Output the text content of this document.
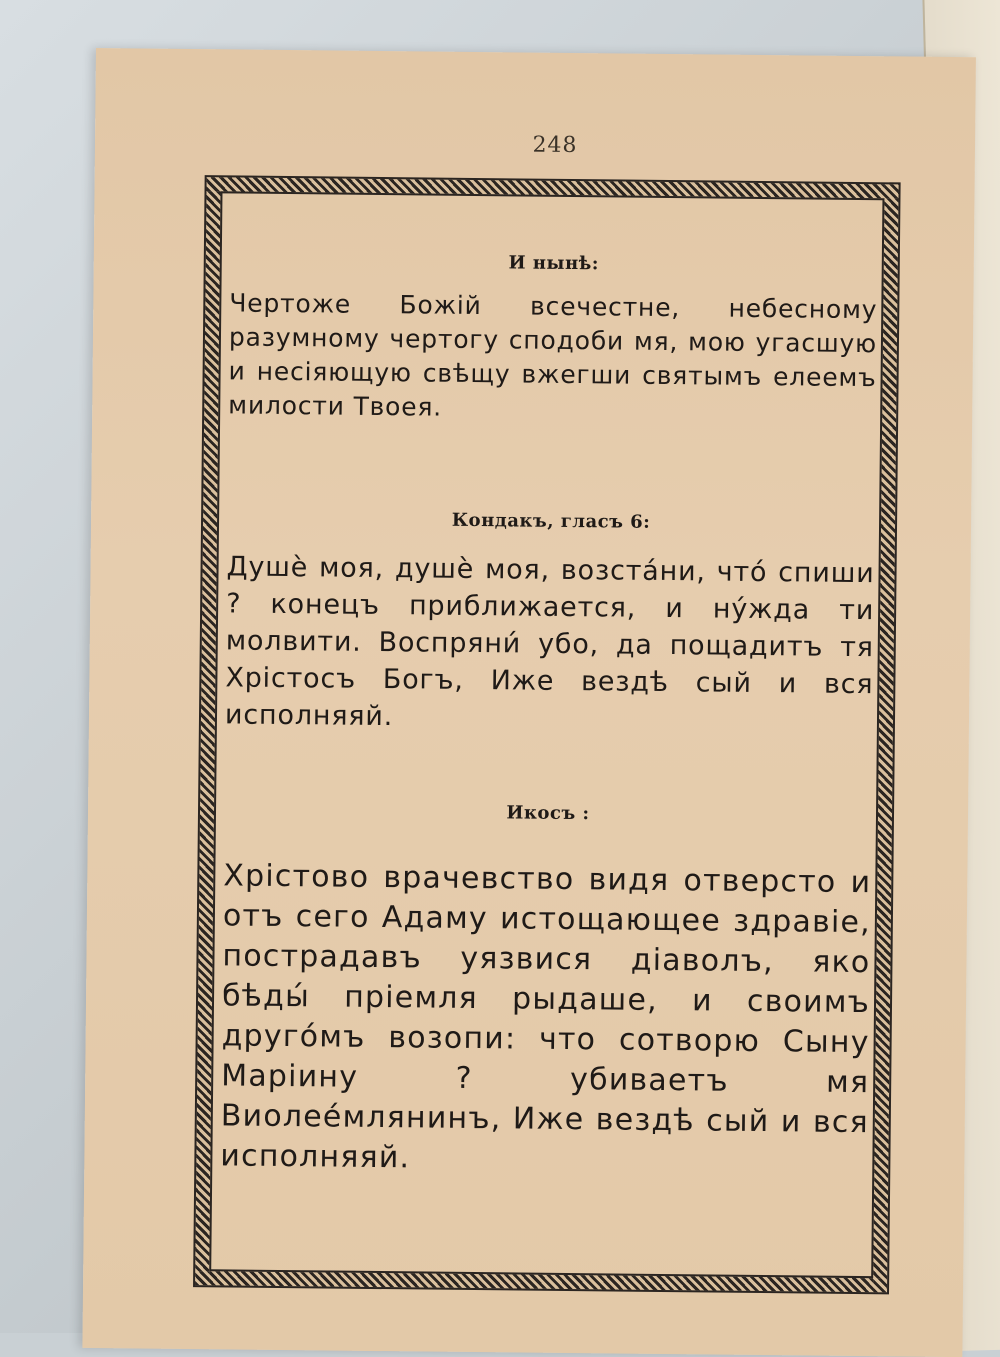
248

И нынѣ:

Чертоже Божій всечестне, небесному разумному чертогу сподоби мя, мою угасшую и несіяющую свѣщу вжегши святымъ елеемъ милости Твоея.

Кондакъ, гласъ 6:

Душѐ моя, душѐ моя, возста́ни, что́ спиши ? конецъ приближается, и ну́жда ти молвити. Воспряни́ убо, да пощадитъ тя Хрістосъ Богъ, Иже вездѣ сый и вся исполняяй.

Икосъ :

Хрістово врачевство видя отверсто и отъ сего Адаму истощающее здравіе, пострадавъ уязвися діаволъ, яко бѣды́ пріемля рыдаше, и своимъ друго́мъ возопи: что сотворю Сыну Маріину ? убиваетъ мя Виолее́млянинъ, Иже вездѣ сый и вся исполняяй.
